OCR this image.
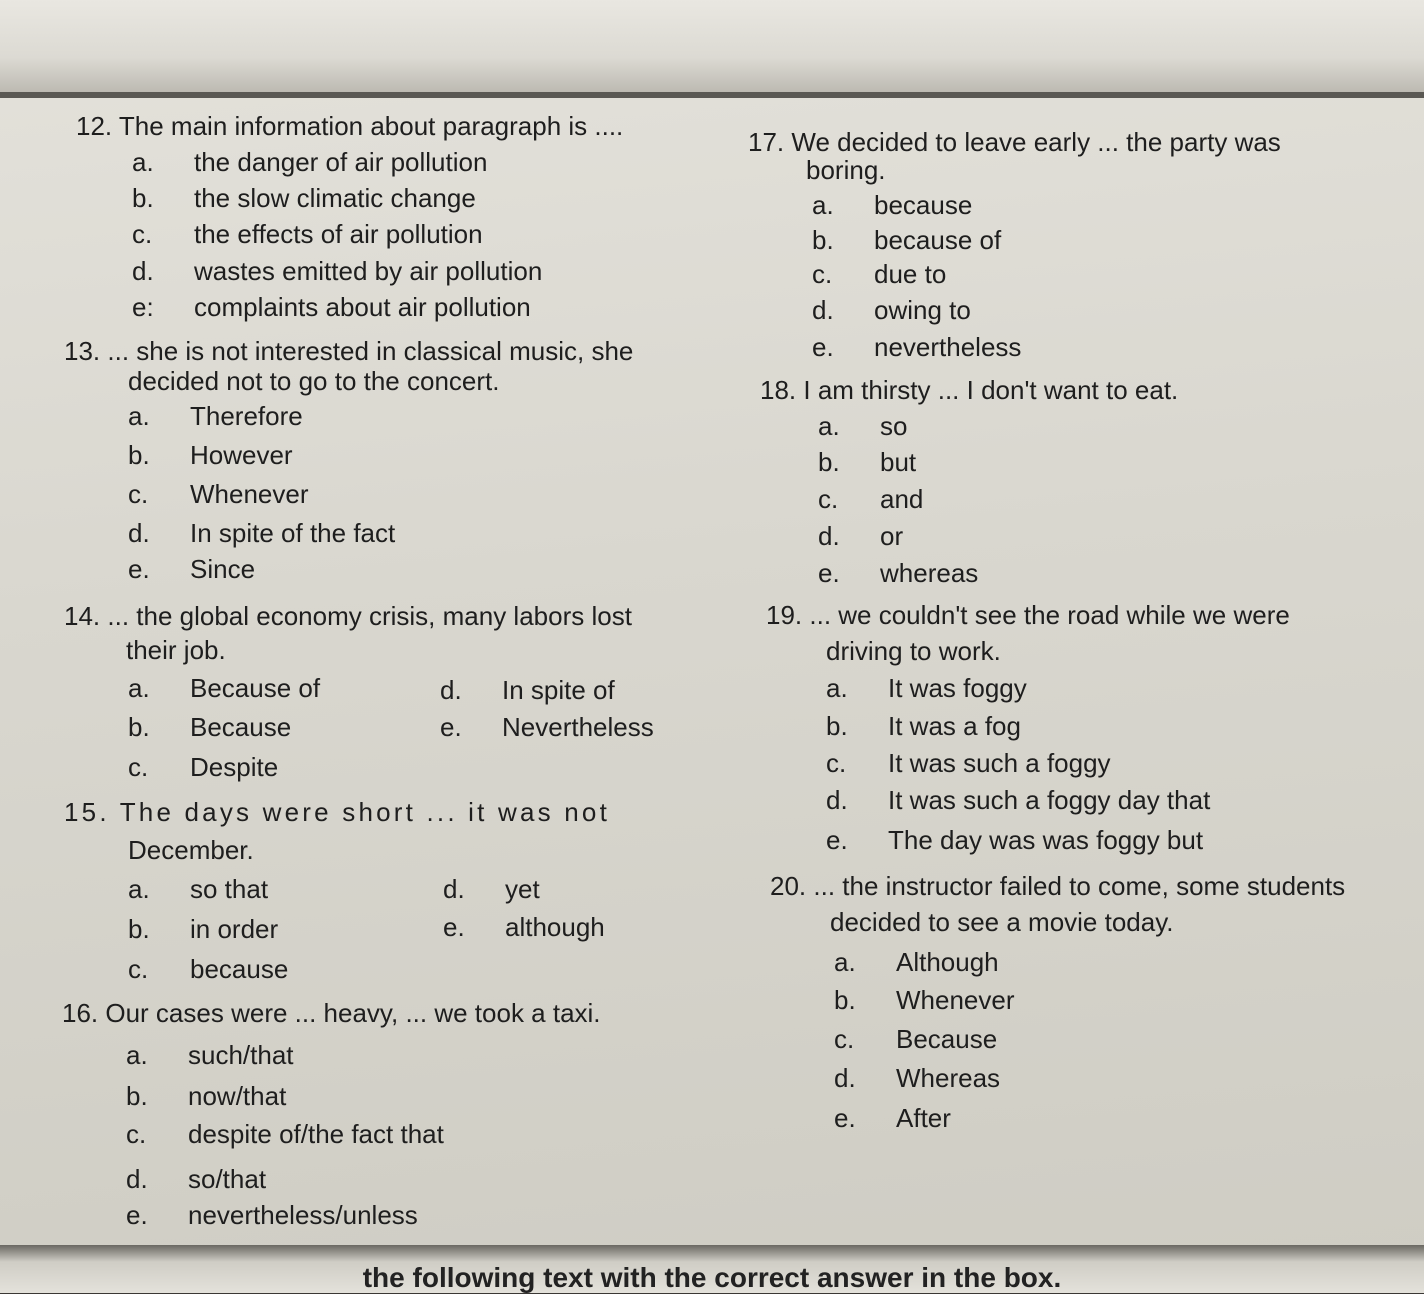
12. The main information about paragraph is ....
a. the danger of air pollution
b. the slow climatic change
c. the effects of air pollution
d. wastes emitted by air pollution
e: complaints about air pollution
13. ... she is not interested in classical music, she
decided not to go to the concert.
a. Therefore
b. However
c. Whenever
d. In spite of the fact
e. Since
14. ... the global economy crisis, many labors lost
their job.
a. Because of
b. Because
c. Despite
d. In spite of
e. Nevertheless
15. The days were short ... it was not
December.
a. so that
b. in order
c. because
d. yet
e. although
16. Our cases were ... heavy, ... we took a taxi.
a. such/that
b. now/that
c. despite of/the fact that
d. so/that
e. nevertheless/unless
17. We decided to leave early ... the party was
boring.
a. because
b. because of
c. due to
d. owing to
e. nevertheless
18. I am thirsty ... I don't want to eat.
a. so
b. but
c. and
d. or
e. whereas
19. ... we couldn't see the road while we were
driving to work.
a. It was foggy
b. It was a fog
c. It was such a foggy
d. It was such a foggy day that
e. The day was was foggy but
20. ... the instructor failed to come, some students
decided to see a movie today.
a. Although
b. Whenever
c. Because
d. Whereas
e. After
the following text with the correct answer in the box.
